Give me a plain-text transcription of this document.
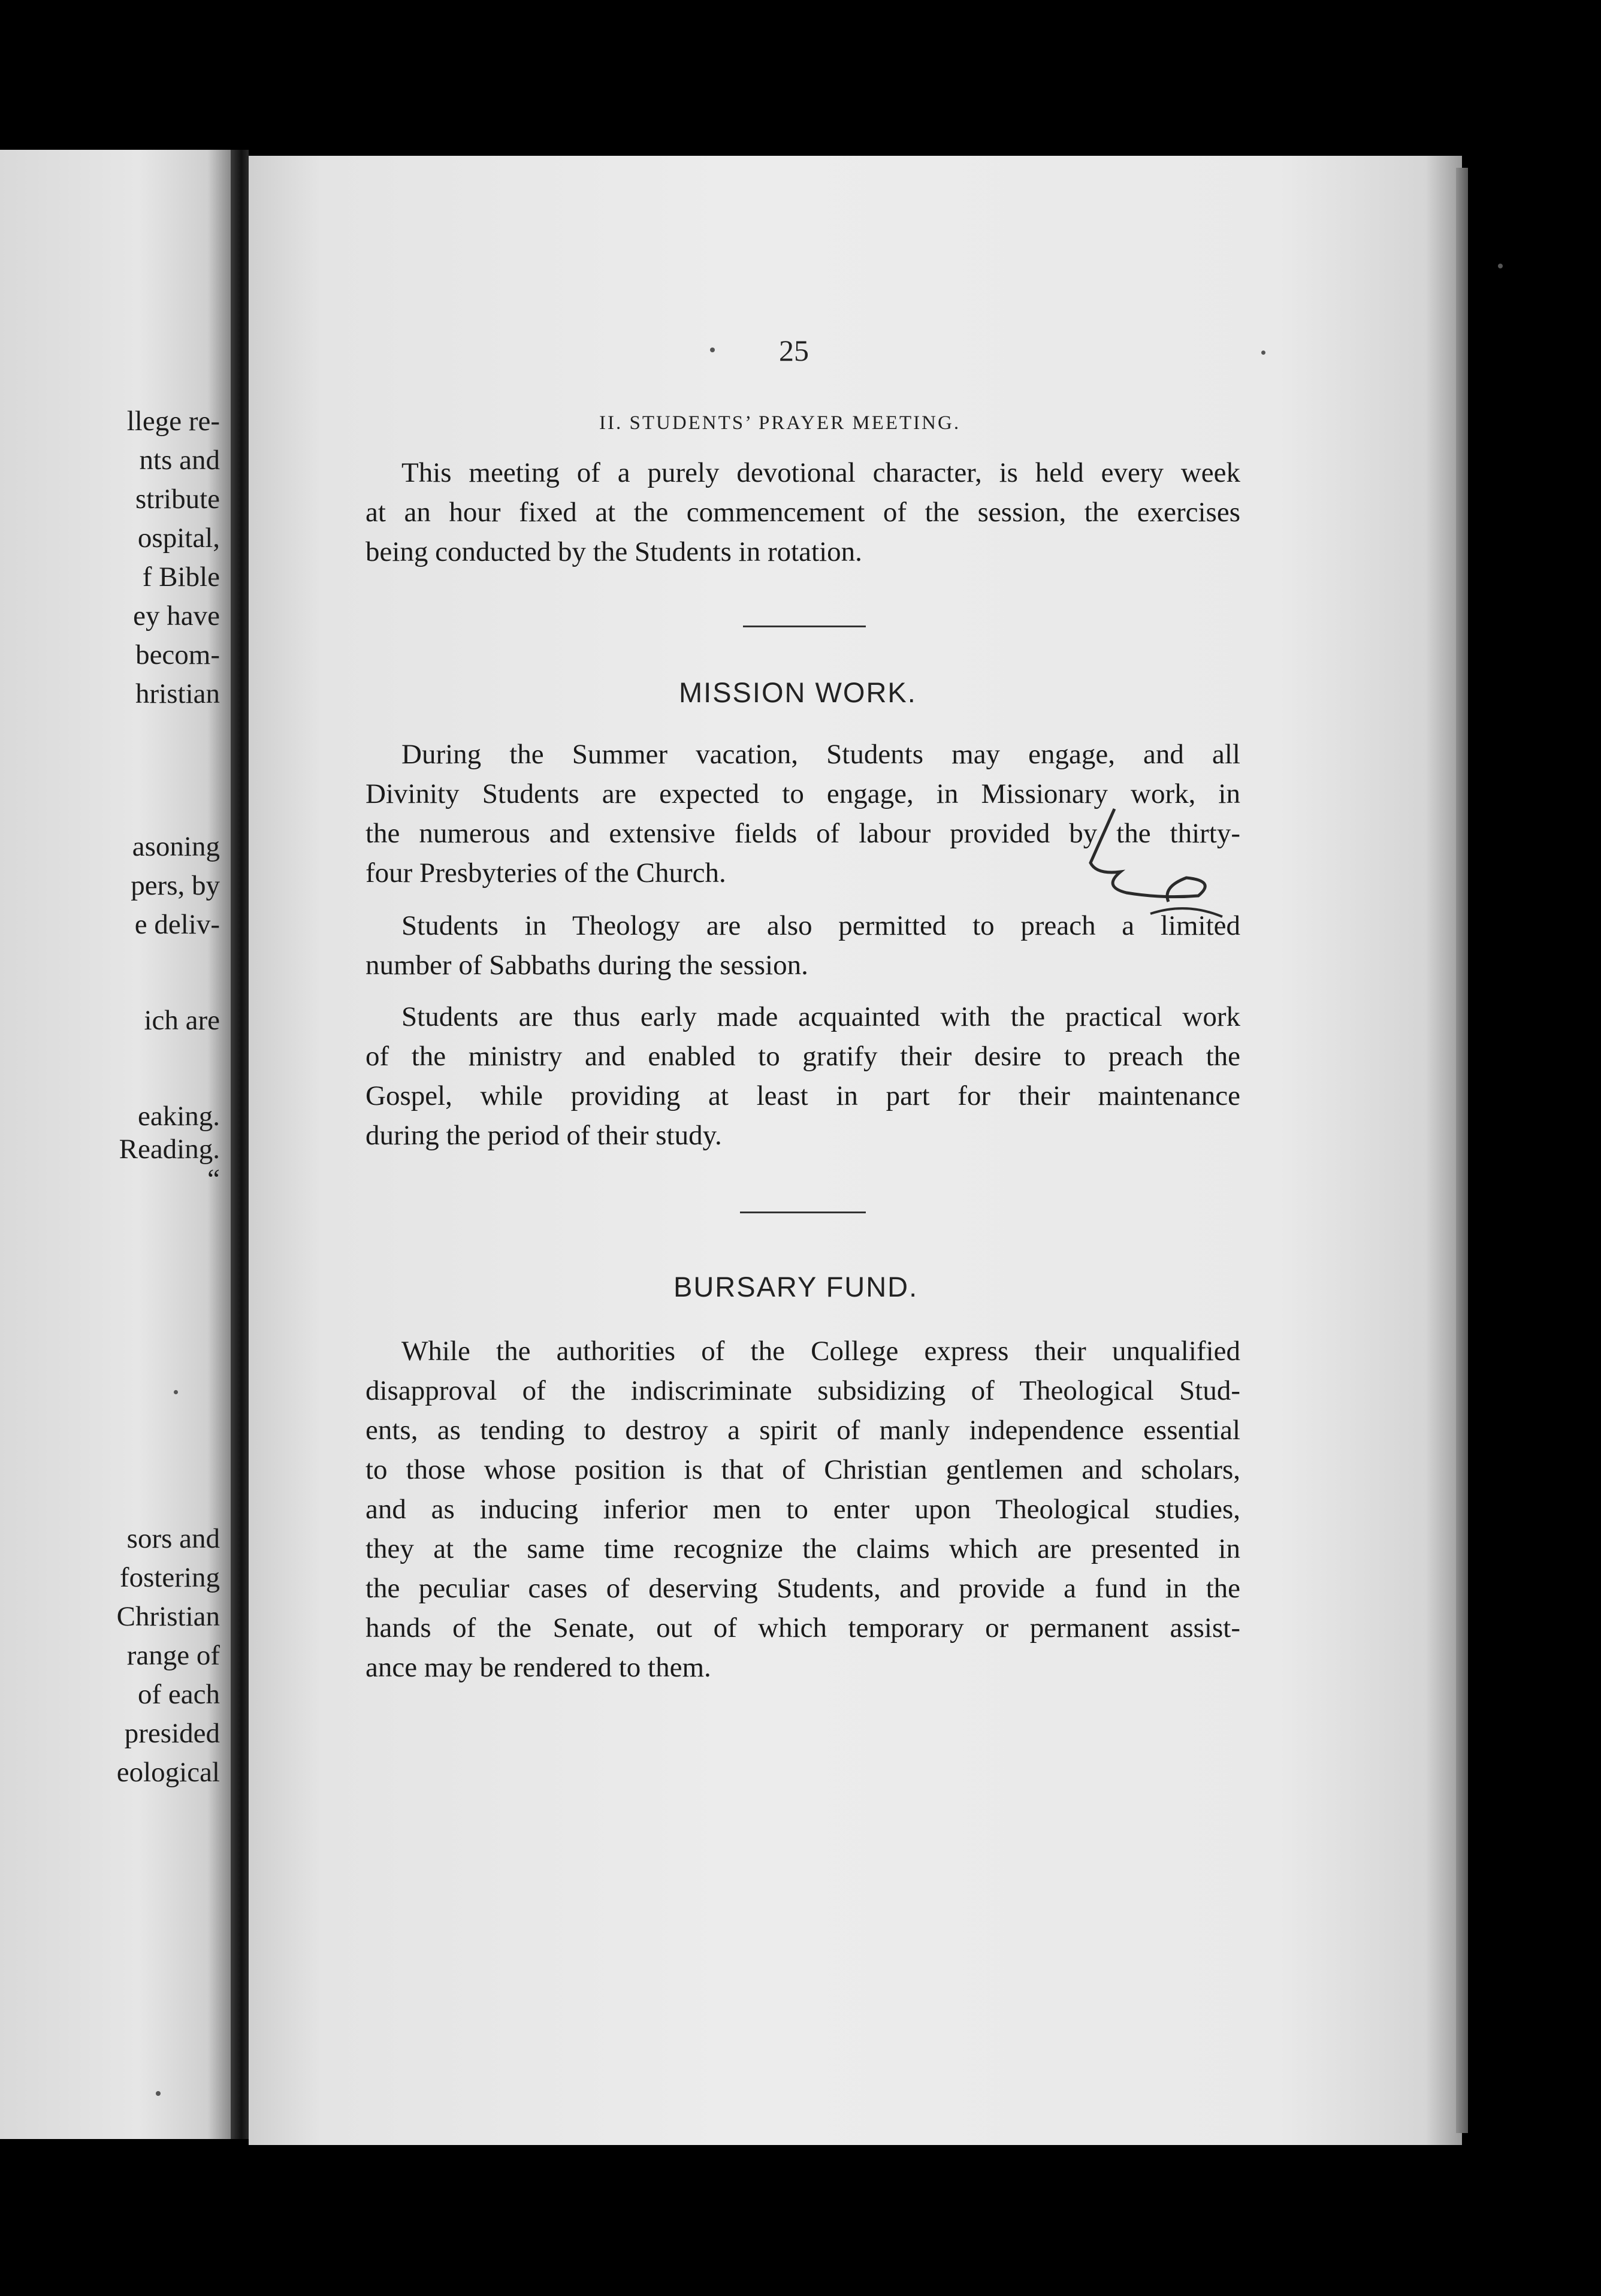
llege re-
nts and
stribute
ospital,
f Bible
ey have
becom-
hristian
asoning
pers, by
e deliv-
ich are
eaking.
Reading.
“
sors and
fostering
Christian
range of
of each
presided
eological
25
II. STUDENTS’ PRAYER MEETING.
This meeting of a purely devotional character, is held every week
at an hour fixed at the commencement of the session, the exercises
being conducted by the Students in rotation.
MISSION WORK.
During the Summer vacation, Students may engage, and all
Divinity Students are expected to engage, in Missionary work, in
the numerous and extensive fields of labour provided by the thirty-
four Presbyteries of the Church.
Students in Theology are also permitted to preach a limited
number of Sabbaths during the session.
Students are thus early made acquainted with the practical work
of the ministry and enabled to gratify their desire to preach the
Gospel, while providing at least in part for their maintenance
during the period of their study.
BURSARY FUND.
While the authorities of the College express their unqualified
disapproval of the indiscriminate subsidizing of Theological Stud-
ents, as tending to destroy a spirit of manly independence essential
to those whose position is that of Christian gentlemen and scholars,
and as inducing inferior men to enter upon Theological studies,
they at the same time recognize the claims which are presented in
the peculiar cases of deserving Students, and provide a fund in the
hands of the Senate, out of which temporary or permanent assist-
ance may be rendered to them.
